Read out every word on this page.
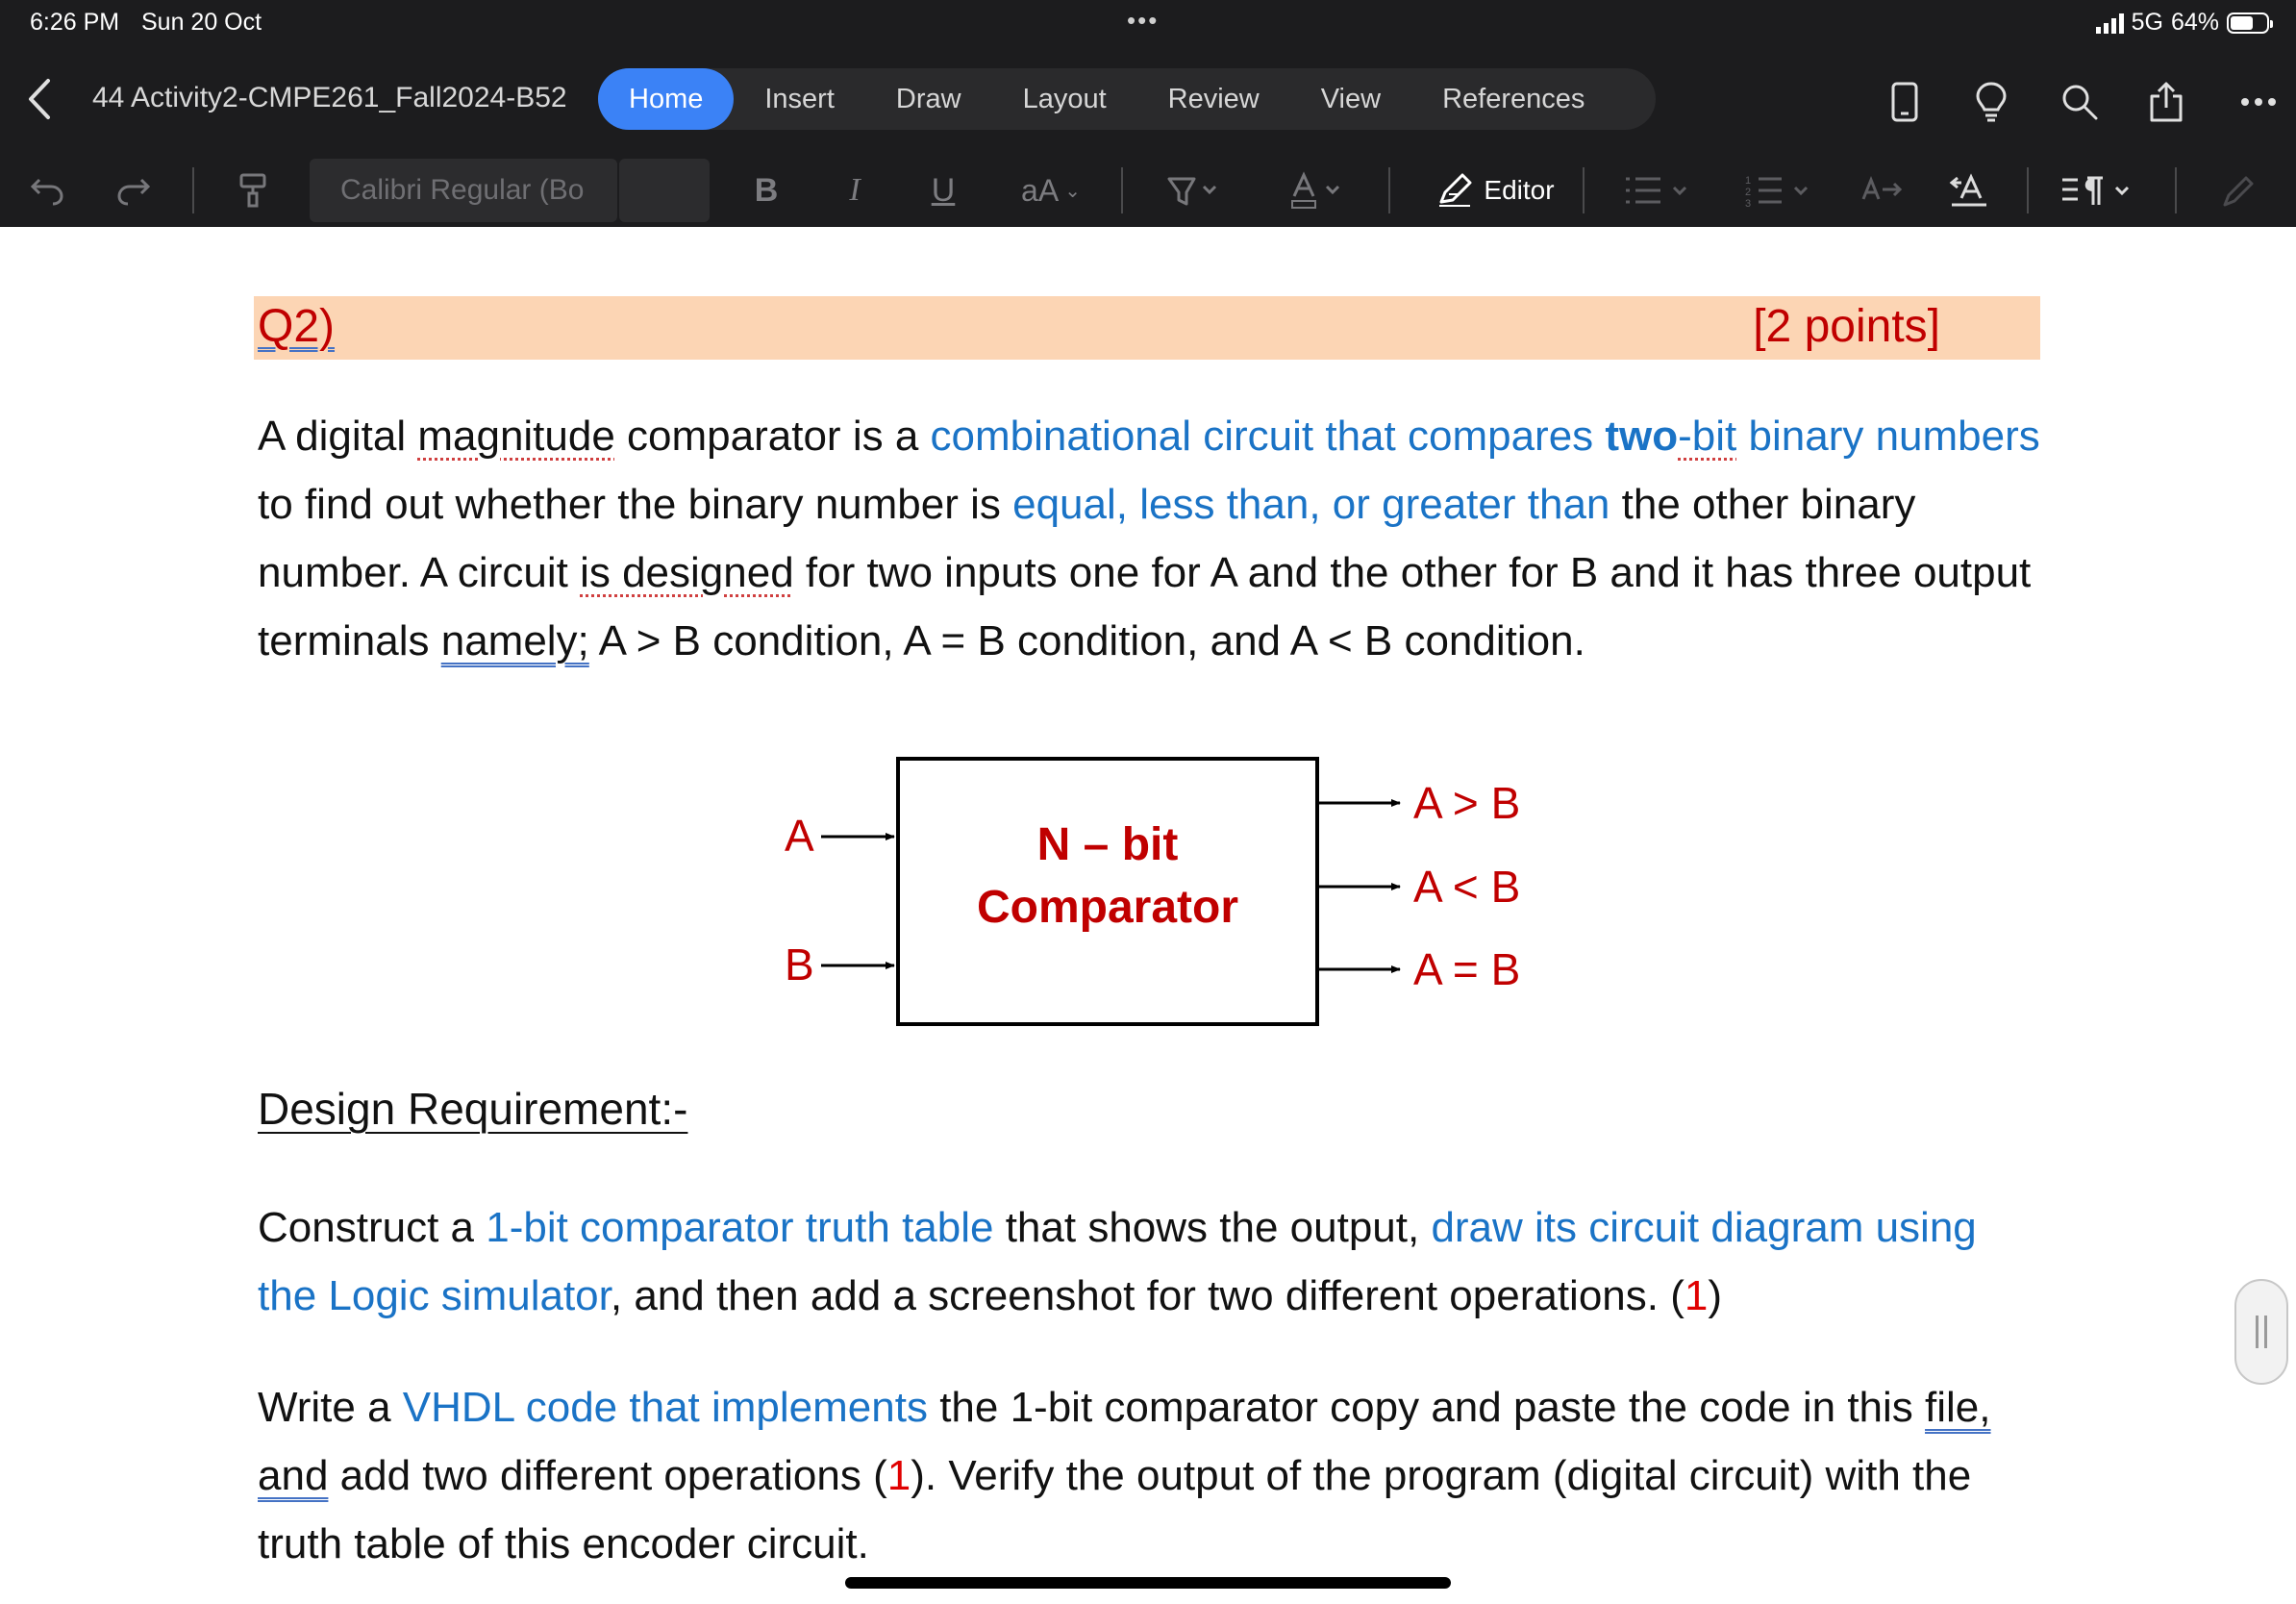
6:26 PM Sun 20 Oct	•••	5G 64%
44 Activity2-CMPE261_Fall2024-B52	Home	Insert	Draw	Layout	Review	View	References
Calibri Regular (Bo	B	I	U	aA ⌄	Editor	1
2
3
Q2)	[2 points]
A digital magnitude comparator is a combinational circuit that compares two-bit binary numbers to find out whether the binary number is equal, less than, or greater than the other binary number. A circuit is designed for two inputs one for A and the other for B and it has three output terminals namely; A > B condition, A = B condition, and A < B condition.
A
B
N – bit
Comparator
A > B
A < B
A = B
Design Requirement:-
Construct a 1-bit comparator truth table that shows the output, draw its circuit diagram using the Logic simulator, and then add a screenshot for two different operations. (1)
Write a VHDL code that implements the 1-bit comparator copy and paste the code in this file, and add two different operations (1). Verify the output of the program (digital circuit) with the truth table of this encoder circuit.
